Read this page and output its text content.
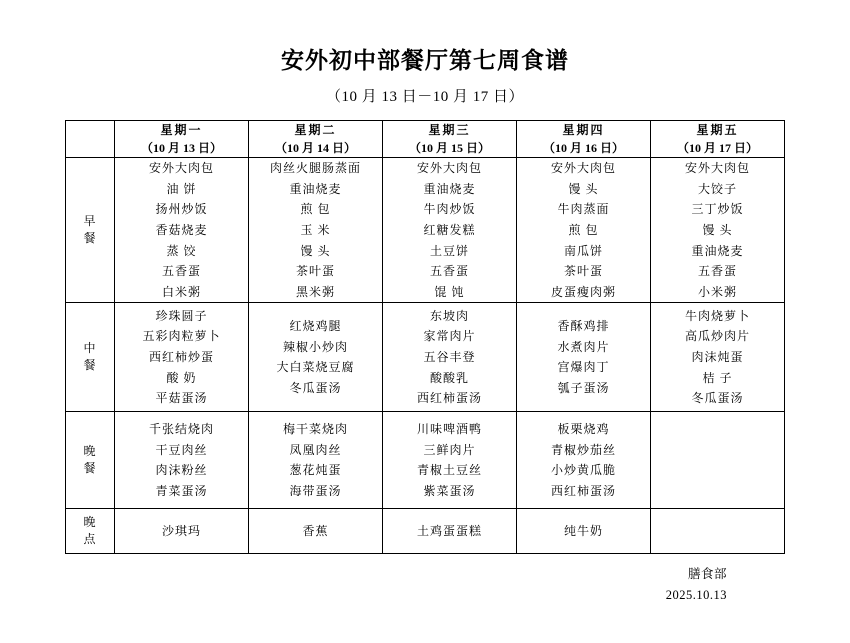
安外初中部餐厅第七周食谱
（10 月 13 日－10 月 17 日）

	星期一
（10 月 13 日）	星期二
（10 月 14 日）	星期三
（10 月 15 日）	星期四
（10 月 16 日）	星期五
（10 月 17 日）

早
餐

安外大肉包
油 饼
扬州炒饭
香菇烧麦
蒸 饺
五香蛋
白米粥

肉丝火腿肠蒸面
重油烧麦
煎 包
玉 米
馒 头
茶叶蛋
黑米粥

安外大肉包
重油烧麦
牛肉炒饭
红糖发糕
土豆饼
五香蛋
馄 饨

安外大肉包
馒 头
牛肉蒸面
煎 包
南瓜饼
茶叶蛋
皮蛋瘦肉粥

安外大肉包
大饺子
三丁炒饭
馒 头
重油烧麦
五香蛋
小米粥

中
餐	珍珠圆子
五彩肉粒萝卜
西红柿炒蛋
酸 奶
平菇蛋汤	红烧鸡腿
辣椒小炒肉
大白菜烧豆腐
冬瓜蛋汤	东坡肉
家常肉片
五谷丰登
酸酸乳
西红柿蛋汤	香酥鸡排
水煮肉片
宫爆肉丁
瓠子蛋汤	牛肉烧萝卜
高瓜炒肉片
肉沫炖蛋
桔 子
冬瓜蛋汤

晚
餐	千张结烧肉
干豆肉丝
肉沫粉丝
青菜蛋汤	梅干菜烧肉
凤凰肉丝
葱花炖蛋
海带蛋汤	川味啤酒鸭
三鲜肉片
青椒土豆丝
紫菜蛋汤	板栗烧鸡
青椒炒茄丝
小炒黄瓜脆
西红柿蛋汤	

晚
点	沙琪玛	香蕉	土鸡蛋蛋糕	纯牛奶	

膳食部
2025.10.13
